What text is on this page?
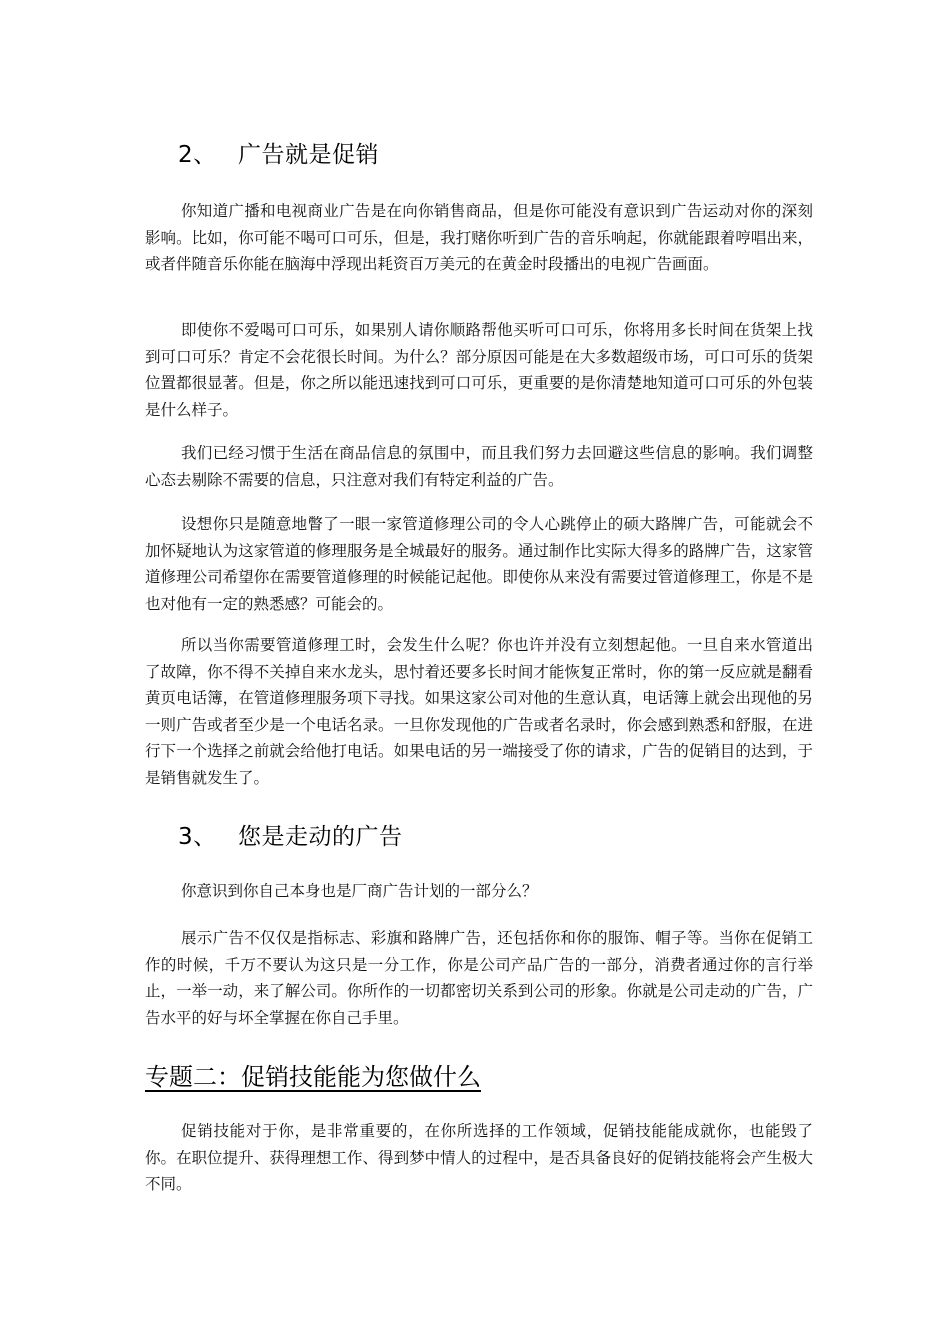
2、 广告就是促销

你知道广播和电视商业广告是在向你销售商品，但是你可能没有意识到广告运动对你的深刻影响。比如，你可能不喝可口可乐，但是，我打赌你听到广告的音乐响起，你就能跟着哼唱出来，或者伴随音乐你能在脑海中浮现出耗资百万美元的在黄金时段播出的电视广告画面。

即使你不爱喝可口可乐，如果别人请你顺路帮他买听可口可乐，你将用多长时间在货架上找到可口可乐？肯定不会花很长时间。为什么？部分原因可能是在大多数超级市场，可口可乐的货架位置都很显著。但是，你之所以能迅速找到可口可乐，更重要的是你清楚地知道可口可乐的外包装是什么样子。

我们已经习惯于生活在商品信息的氛围中，而且我们努力去回避这些信息的影响。我们调整心态去剔除不需要的信息，只注意对我们有特定利益的广告。

设想你只是随意地瞥了一眼一家管道修理公司的令人心跳停止的硕大路牌广告，可能就会不加怀疑地认为这家管道的修理服务是全城最好的服务。通过制作比实际大得多的路牌广告，这家管道修理公司希望你在需要管道修理的时候能记起他。即使你从来没有需要过管道修理工，你是不是也对他有一定的熟悉感？可能会的。

所以当你需要管道修理工时，会发生什么呢？你也许并没有立刻想起他。一旦自来水管道出了故障，你不得不关掉自来水龙头，思忖着还要多长时间才能恢复正常时，你的第一反应就是翻看黄页电话簿，在管道修理服务项下寻找。如果这家公司对他的生意认真，电话簿上就会出现他的另一则广告或者至少是一个电话名录。一旦你发现他的广告或者名录时，你会感到熟悉和舒服，在进行下一个选择之前就会给他打电话。如果电话的另一端接受了你的请求，广告的促销目的达到，于是销售就发生了。

3、 您是走动的广告

你意识到你自己本身也是厂商广告计划的一部分么？

展示广告不仅仅是指标志、彩旗和路牌广告，还包括你和你的服饰、帽子等。当你在促销工作的时候，千万不要认为这只是一分工作，你是公司产品广告的一部分，消费者通过你的言行举止，一举一动，来了解公司。你所作的一切都密切关系到公司的形象。你就是公司走动的广告，广告水平的好与坏全掌握在你自己手里。

专题二：促销技能能为您做什么

促销技能对于你，是非常重要的，在你所选择的工作领域，促销技能能成就你，也能毁了你。在职位提升、获得理想工作、得到梦中情人的过程中，是否具备良好的促销技能将会产生极大不同。
